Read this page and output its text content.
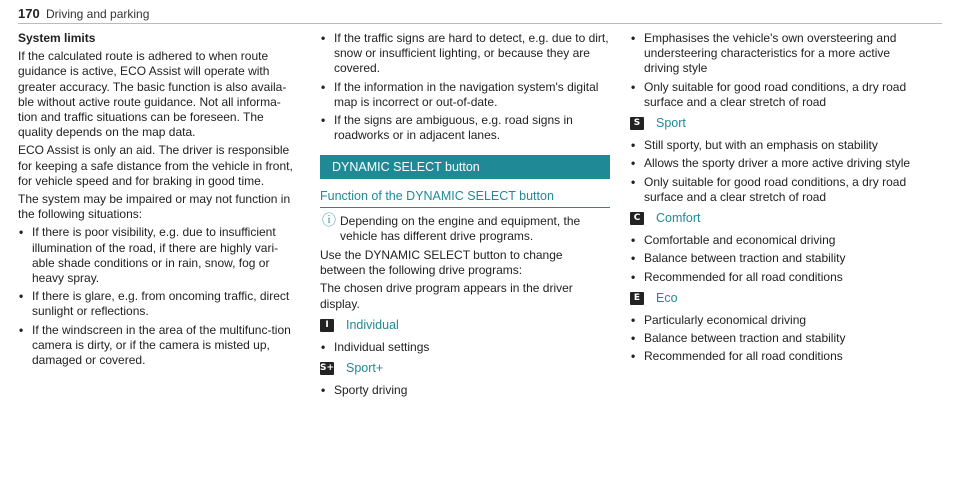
170 Driving and parking

System limits

If the calculated route is adhered to when route guidance is active, ECO Assist will operate with greater accuracy. The basic function is also availa-ble without active route guidance. Not all informa-tion and traffic situations can be foreseen. The quality depends on the map data.

ECO Assist is only an aid. The driver is responsible for keeping a safe distance from the vehicle in front, for vehicle speed and for braking in good time.

The system may be impaired or may not function in the following situations:

• If there is poor visibility, e.g. due to insufficient illumination of the road, if there are highly vari-able shade conditions or in rain, snow, fog or heavy spray.
• If there is glare, e.g. from oncoming traffic, direct sunlight or reflections.
• If the windscreen in the area of the multifunc-tion camera is dirty, or if the camera is misted up, damaged or covered.
• If the traffic signs are hard to detect, e.g. due to dirt, snow or insufficient lighting, or because they are covered.
• If the information in the navigation system's digital map is incorrect or out-of-date.
• If the signs are ambiguous, e.g. road signs in roadworks or in adjacent lanes.
DYNAMIC SELECT button
Function of the DYNAMIC SELECT button
ⓘ Depending on the engine and equipment, the vehicle has different drive programs.

Use the DYNAMIC SELECT button to change between the following drive programs:

The chosen drive program appears in the driver display.

I	Individual
• Individual settings
S+ Sport+
• Sporty driving
• Emphasises the vehicle's own oversteering and understeering characteristics for a more active driving style
• Only suitable for good road conditions, a dry road surface and a clear stretch of road
S	Sport
• Still sporty, but with an emphasis on stability
• Allows the sporty driver a more active driving style
• Only suitable for good road conditions, a dry road surface and a clear stretch of road
C Comfort
• Comfortable and economical driving
• Balance between traction and stability
• Recommended for all road conditions
E	Eco
• Particularly economical driving
• Balance between traction and stability
• Recommended for all road conditions
